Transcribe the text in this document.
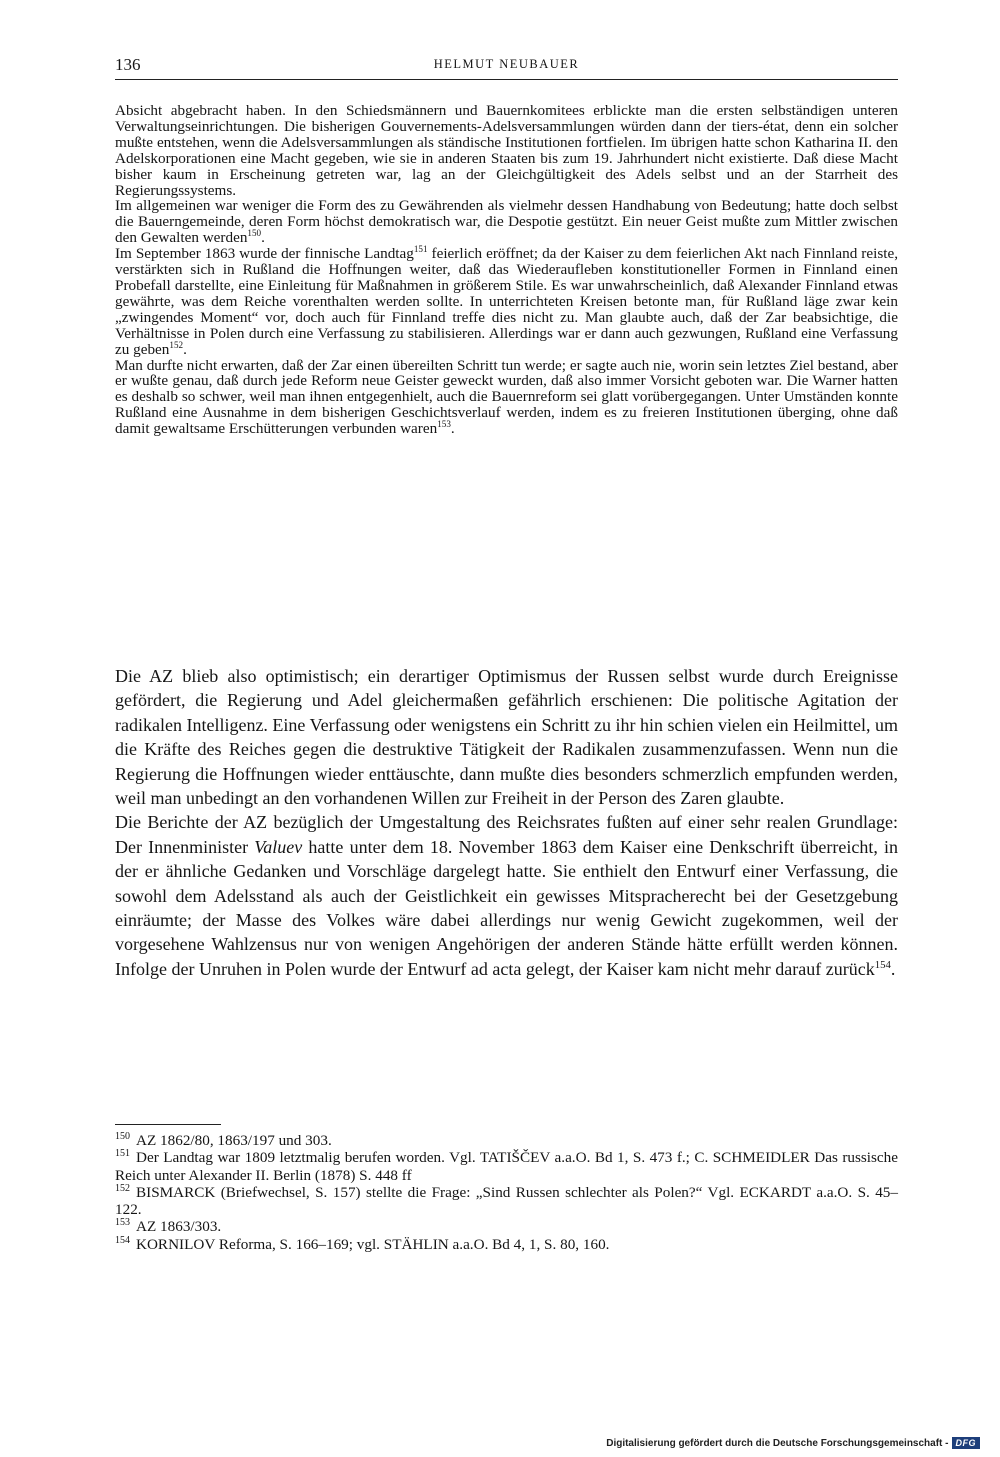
136	HELMUT NEUBAUER

Absicht abgebracht haben. In den Schiedsmännern und Bauernkomitees erblickte man die ersten selbständigen unteren Verwaltungseinrichtungen. Die bisherigen Gouvernements-Adelsversammlungen würden dann der tiers-état, denn ein solcher mußte entstehen, wenn die Adelsversammlungen als ständische Institutionen fortfielen. Im übrigen hatte schon Katharina II. den Adelskorporationen eine Macht gegeben, wie sie in anderen Staaten bis zum 19. Jahrhundert nicht existierte. Daß diese Macht bisher kaum in Erscheinung getreten war, lag an der Gleichgültigkeit des Adels selbst und an der Starrheit des Regierungssystems.

Im allgemeinen war weniger die Form des zu Gewährenden als vielmehr dessen Handhabung von Bedeutung; hatte doch selbst die Bauerngemeinde, deren Form höchst demokratisch war, die Despotie gestützt. Ein neuer Geist mußte zum Mittler zwischen den Gewalten werden$^{150}$.

Im September 1863 wurde der finnische Landtag$^{151}$ feierlich eröffnet; da der Kaiser zu dem feierlichen Akt nach Finnland reiste, verstärkten sich in Rußland die Hoffnungen weiter, daß das Wiederaufleben konstitutioneller Formen in Finnland einen Probefall darstellte, eine Einleitung für Maßnahmen in größerem Stile. Es war unwahrscheinlich, daß Alexander Finnland etwas gewährte, was dem Reiche vorenthalten werden sollte. In unterrichteten Kreisen betonte man, für Rußland läge zwar kein „zwingendes Moment“ vor, doch auch für Finnland treffe dies nicht zu. Man glaubte auch, daß der Zar beabsichtige, die Verhältnisse in Polen durch eine Verfassung zu stabilisieren. Allerdings war er dann auch gezwungen, Rußland eine Verfassung zu geben$^{152}$.

Man durfte nicht erwarten, daß der Zar einen übereilten Schritt tun werde; er sagte auch nie, worin sein letztes Ziel bestand, aber er wußte genau, daß durch jede Reform neue Geister geweckt wurden, daß also immer Vorsicht geboten war. Die Warner hatten es deshalb so schwer, weil man ihnen entgegenhielt, auch die Bauernreform sei glatt vorübergegangen. Unter Umständen konnte Rußland eine Ausnahme in dem bisherigen Geschichtsverlauf werden, indem es zu freieren Institutionen überging, ohne daß damit gewaltsame Erschütterungen verbunden waren$^{153}$.

Die AZ blieb also optimistisch; ein derartiger Optimismus der Russen selbst wurde durch Ereignisse gefördert, die Regierung und Adel gleichermaßen gefährlich erschienen: Die politische Agitation der radikalen Intelligenz. Eine Verfassung oder wenigstens ein Schritt zu ihr hin schien vielen ein Heilmittel, um die Kräfte des Reiches gegen die destruktive Tätigkeit der Radikalen zusammenzufassen. Wenn nun die Regierung die Hoffnungen wieder enttäuschte, dann mußte dies besonders schmerzlich empfunden werden, weil man unbedingt an den vorhandenen Willen zur Freiheit in der Person des Zaren glaubte.

Die Berichte der AZ bezüglich der Umgestaltung des Reichsrates fußten auf einer sehr realen Grundlage: Der Innenminister Valuev hatte unter dem 18. November 1863 dem Kaiser eine Denkschrift überreicht, in der er ähnliche Gedanken und Vorschläge dargelegt hatte. Sie enthielt den Entwurf einer Verfassung, die sowohl dem Adelsstand als auch der Geistlichkeit ein gewisses Mitspracherecht bei der Gesetzgebung einräumte; der Masse des Volkes wäre dabei allerdings nur wenig Gewicht zugekommen, weil der vorgesehene Wahlzensus nur von wenigen Angehörigen der anderen Stände hätte erfüllt werden können. Infolge der Unruhen in Polen wurde der Entwurf ad acta gelegt, der Kaiser kam nicht mehr darauf zurück$^{154}$.

$^{150}$ AZ 1862/80, 1863/197 und 303.

$^{151}$ Der Landtag war 1809 letztmalig berufen worden. Vgl. TATIŠČEV a.a.O. Bd 1, S. 473 f.; C. SCHMEIDLER Das russische Reich unter Alexander II. Berlin (1878) S. 448 ff

$^{152}$ BISMARCK (Briefwechsel, S. 157) stellte die Frage: „Sind Russen schlechter als Polen?“ Vgl. ECKARDT a.a.O. S. 45–122.

$^{153}$ AZ 1863/303.

$^{154}$ KORNILOV Reforma, S. 166–169; vgl. STÄHLIN a.a.O. Bd 4, 1, S. 80, 160.

Digitalisierung gefördert durch die Deutsche Forschungsgemeinschaft - DFG
